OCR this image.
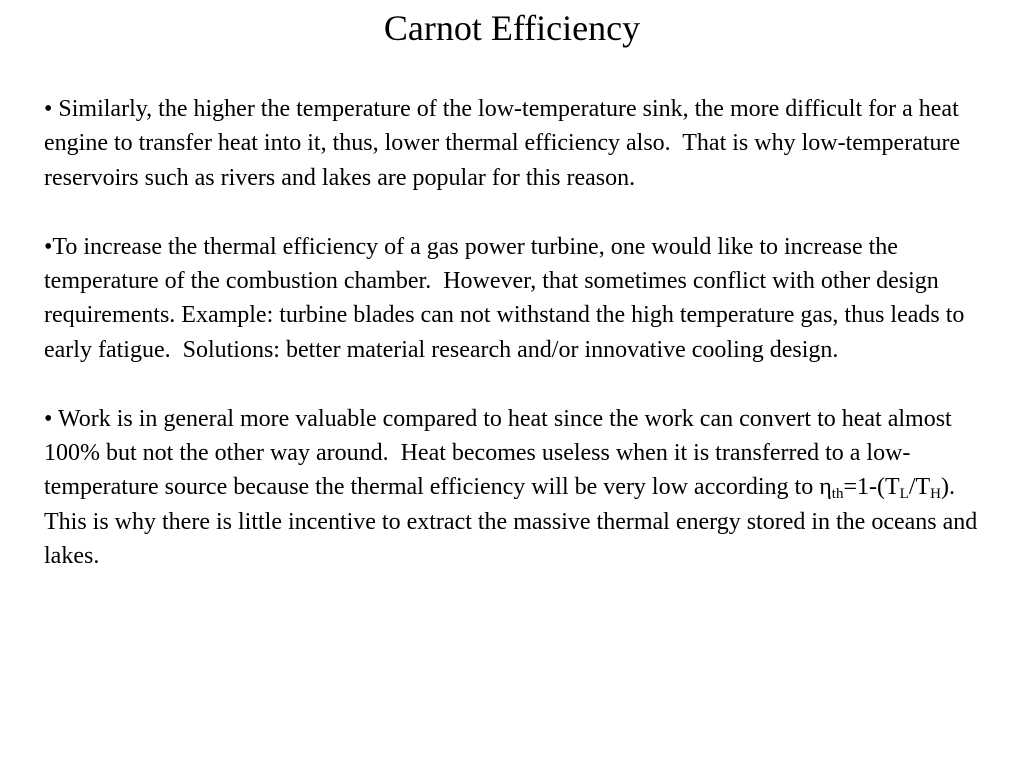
Carnot Efficiency

• Similarly, the higher the temperature of the low-temperature sink, the more difficult for a heat engine to transfer heat into it, thus, lower thermal efficiency also.  That is why low-temperature reservoirs such as rivers and lakes are popular for this reason.

•To increase the thermal efficiency of a gas power turbine, one would like to increase the temperature of the combustion chamber.  However, that sometimes conflict with other design requirements. Example: turbine blades can not withstand the high temperature gas, thus leads to early fatigue.  Solutions: better material research and/or innovative cooling design.

• Work is in general more valuable compared to heat since the work can convert to heat almost 100% but not the other way around.  Heat becomes useless when it is transferred to a low-temperature source because the thermal efficiency will be very low according to $\eta_{th}=1-(T_L/T_H)$.  This is why there is little incentive to extract the massive thermal energy stored in the oceans and lakes.
